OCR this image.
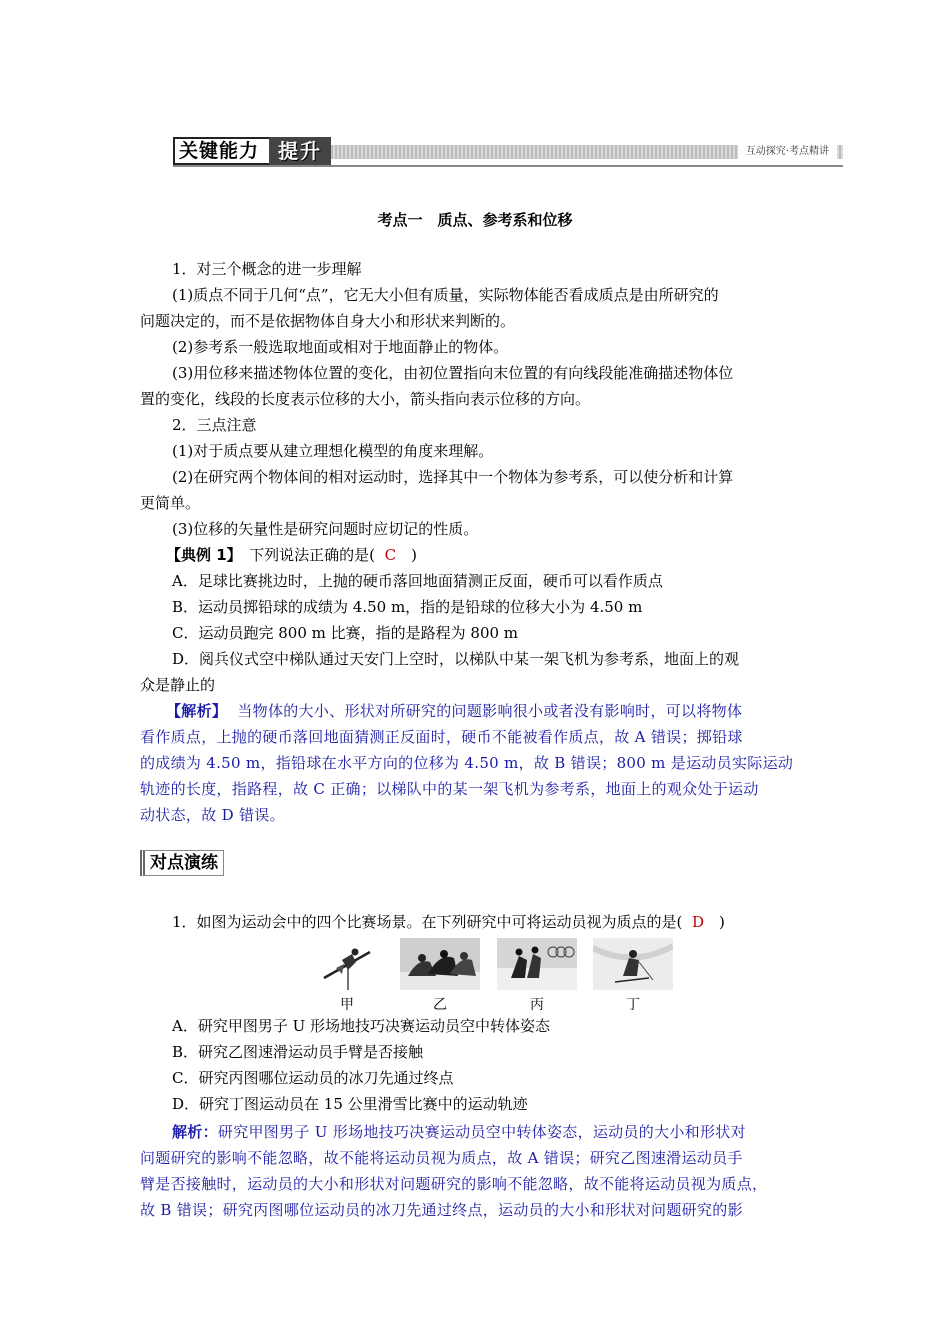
关键能力 提升	互动探究·考点精讲
考点一　质点、参考系和位移
1．对三个概念的进一步理解
(1)质点不同于几何“点”，它无大小但有质量，实际物体能否看成质点是由所研究的
问题决定的，而不是依据物体自身大小和形状来判断的。
(2)参考系一般选取地面或相对于地面静止的物体。
(3)用位移来描述物体位置的变化，由初位置指向末位置的有向线段能准确描述物体位
置的变化，线段的长度表示位移的大小，箭头指向表示位移的方向。
2．三点注意
(1)对于质点要从建立理想化模型的角度来理解。
(2)在研究两个物体间的相对运动时，选择其中一个物体为参考系，可以使分析和计算
更简单。
(3)位移的矢量性是研究问题时应切记的性质。
【典例 1】　下列说法正确的是( C　)
A．足球比赛挑边时，上抛的硬币落回地面猜测正反面，硬币可以看作质点
B．运动员掷铅球的成绩为 4.50 m，指的是铅球的位移大小为 4.50 m
C．运动员跑完 800 m 比赛，指的是路程为 800 m
D．阅兵仪式空中梯队通过天安门上空时，以梯队中某一架飞机为参考系，地面上的观
众是静止的
【解析】 当物体的大小、形状对所研究的问题影响很小或者没有影响时，可以将物体
看作质点，上抛的硬币落回地面猜测正反面时，硬币不能被看作质点，故 A 错误；掷铅球
的成绩为 4.50 m，指铅球在水平方向的位移为 4.50 m，故 B 错误；800 m 是运动员实际运动
轨迹的长度，指路程，故 C 正确；以梯队中的某一架飞机为参考系，地面上的观众处于运动
动状态，故 D 错误。
对点演练
1．如图为运动会中的四个比赛场景。在下列研究中可将运动员视为质点的是( D　)
甲	乙	丙	丁
A．研究甲图男子 U 形场地技巧决赛运动员空中转体姿态
B．研究乙图速滑运动员手臂是否接触
C．研究丙图哪位运动员的冰刀先通过终点
D．研究丁图运动员在 15 公里滑雪比赛中的运动轨迹
解析：研究甲图男子 U 形场地技巧决赛运动员空中转体姿态，运动员的大小和形状对
问题研究的影响不能忽略，故不能将运动员视为质点，故 A 错误；研究乙图速滑运动员手
臂是否接触时，运动员的大小和形状对问题研究的影响不能忽略，故不能将运动员视为质点，
故 B 错误；研究丙图哪位运动员的冰刀先通过终点，运动员的大小和形状对问题研究的影
